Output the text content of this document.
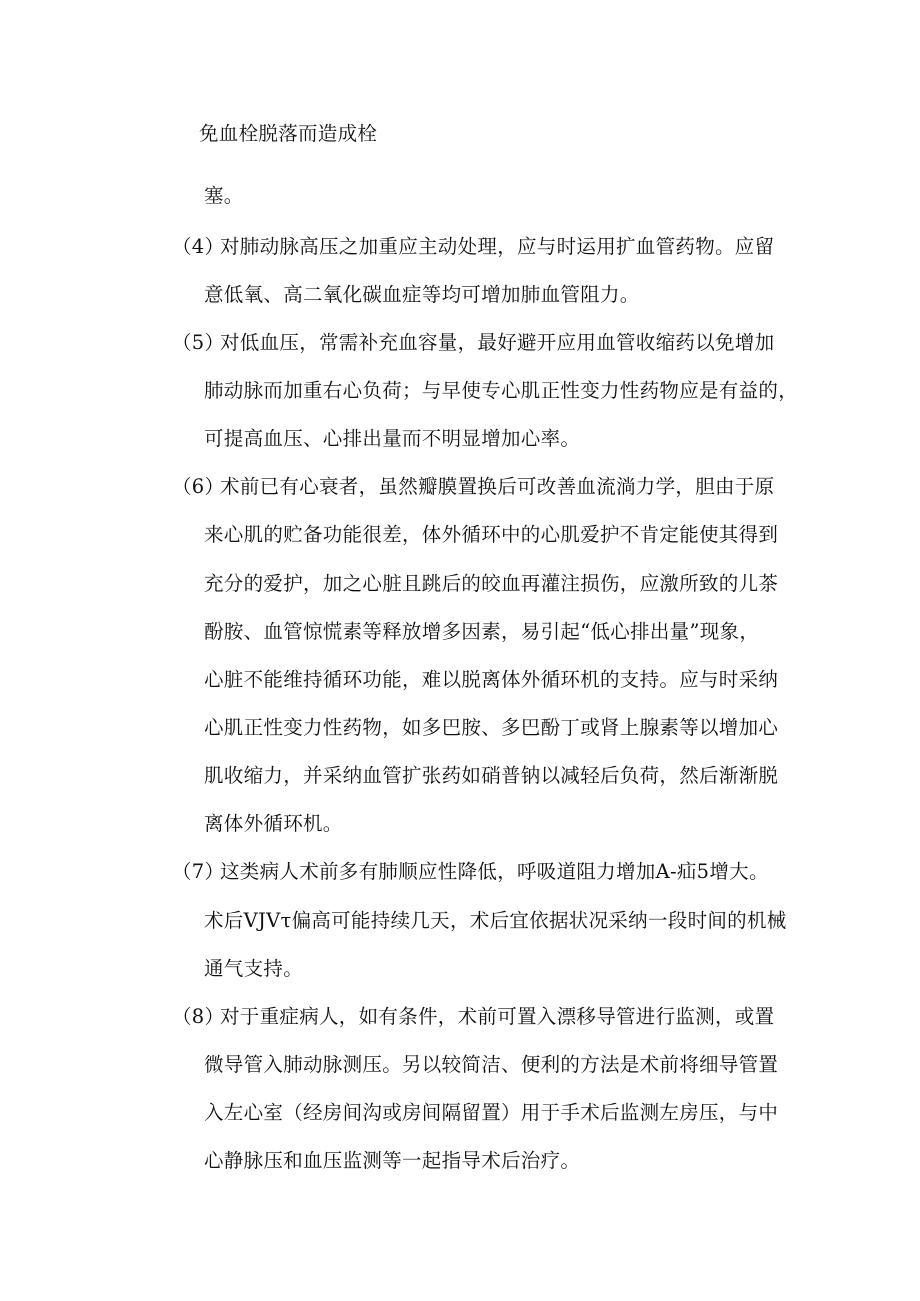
免血栓脱落而造成栓
塞。
（4）对肺动脉高压之加重应主动处理，应与时运用扩血管药物。应留
意低氧、高二氧化碳血症等均可增加肺血管阻力。
（5）对低血压，常需补充血容量，最好避开应用血管收缩药以免增加
肺动脉而加重右心负荷；与早使专心肌正性变力性药物应是有益的，
可提高血压、心排出量而不明显增加心率。
（6）术前已有心衰者，虽然瓣膜置换后可改善血流淌力学，胆由于原
来心肌的贮备功能很差，体外循环中的心肌爱护不肯定能使其得到
充分的爱护，加之心脏且跳后的皎血再灌注损伤，应激所致的儿茶
酚胺、血管惊慌素等释放增多因素，易引起“低心排出量”现象，
心脏不能维持循环功能，难以脱离体外循环机的支持。应与时采纳
心肌正性变力性药物，如多巴胺、多巴酚丁或肾上腺素等以增加心
肌收缩力，并采纳血管扩张药如硝普钠以减轻后负荷，然后渐渐脱
离体外循环机。
（7）这类病人术前多有肺顺应性降低，呼吸道阻力增加A-疝5增大。
术后VJVτ偏高可能持续几天，术后宜依据状况采纳一段时间的机械
通气支持。
（8）对于重症病人，如有条件，术前可置入漂移导管进行监测，或置
微导管入肺动脉测压。另以较简洁、便利的方法是术前将细导管置
入左心室（经房间沟或房间隔留置）用于手术后监测左房压，与中
心静脉压和血压监测等一起指导术后治疗。
